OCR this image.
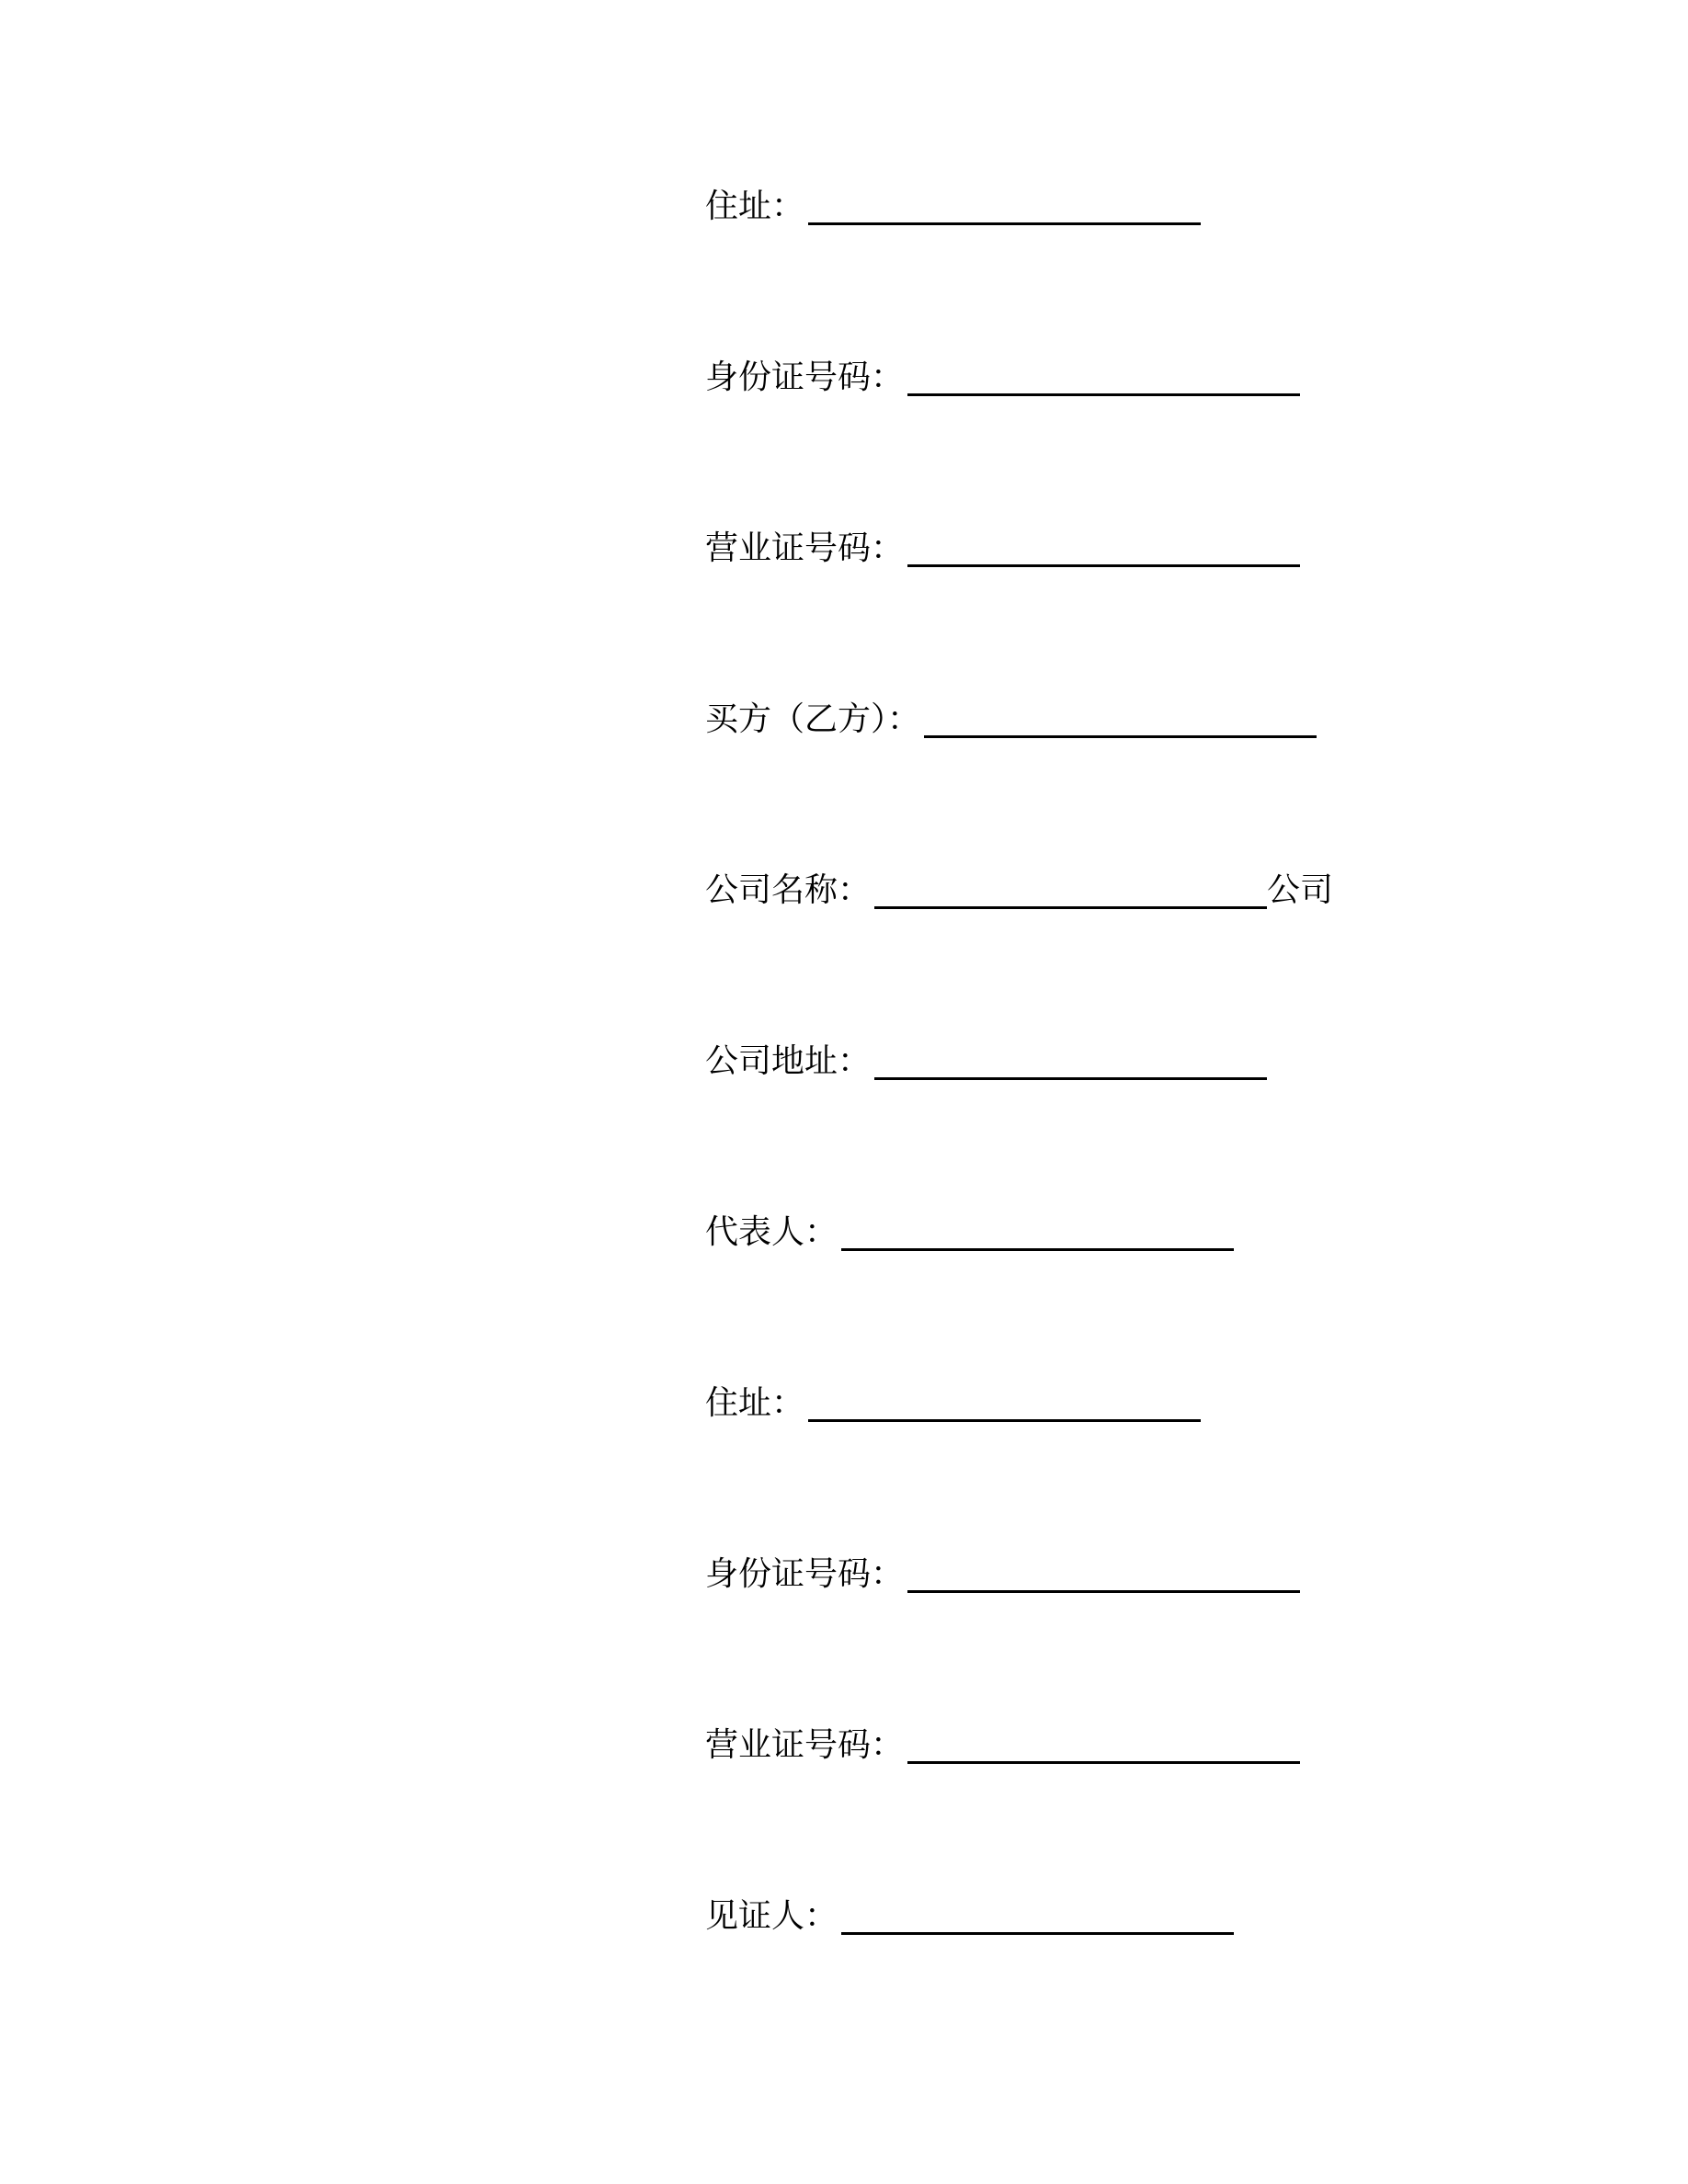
住址：
身份证号码：
营业证号码：
买方（乙方）：
公司名称：	公司
公司地址：
代表人：
住址：
身份证号码：
营业证号码：
见证人：
